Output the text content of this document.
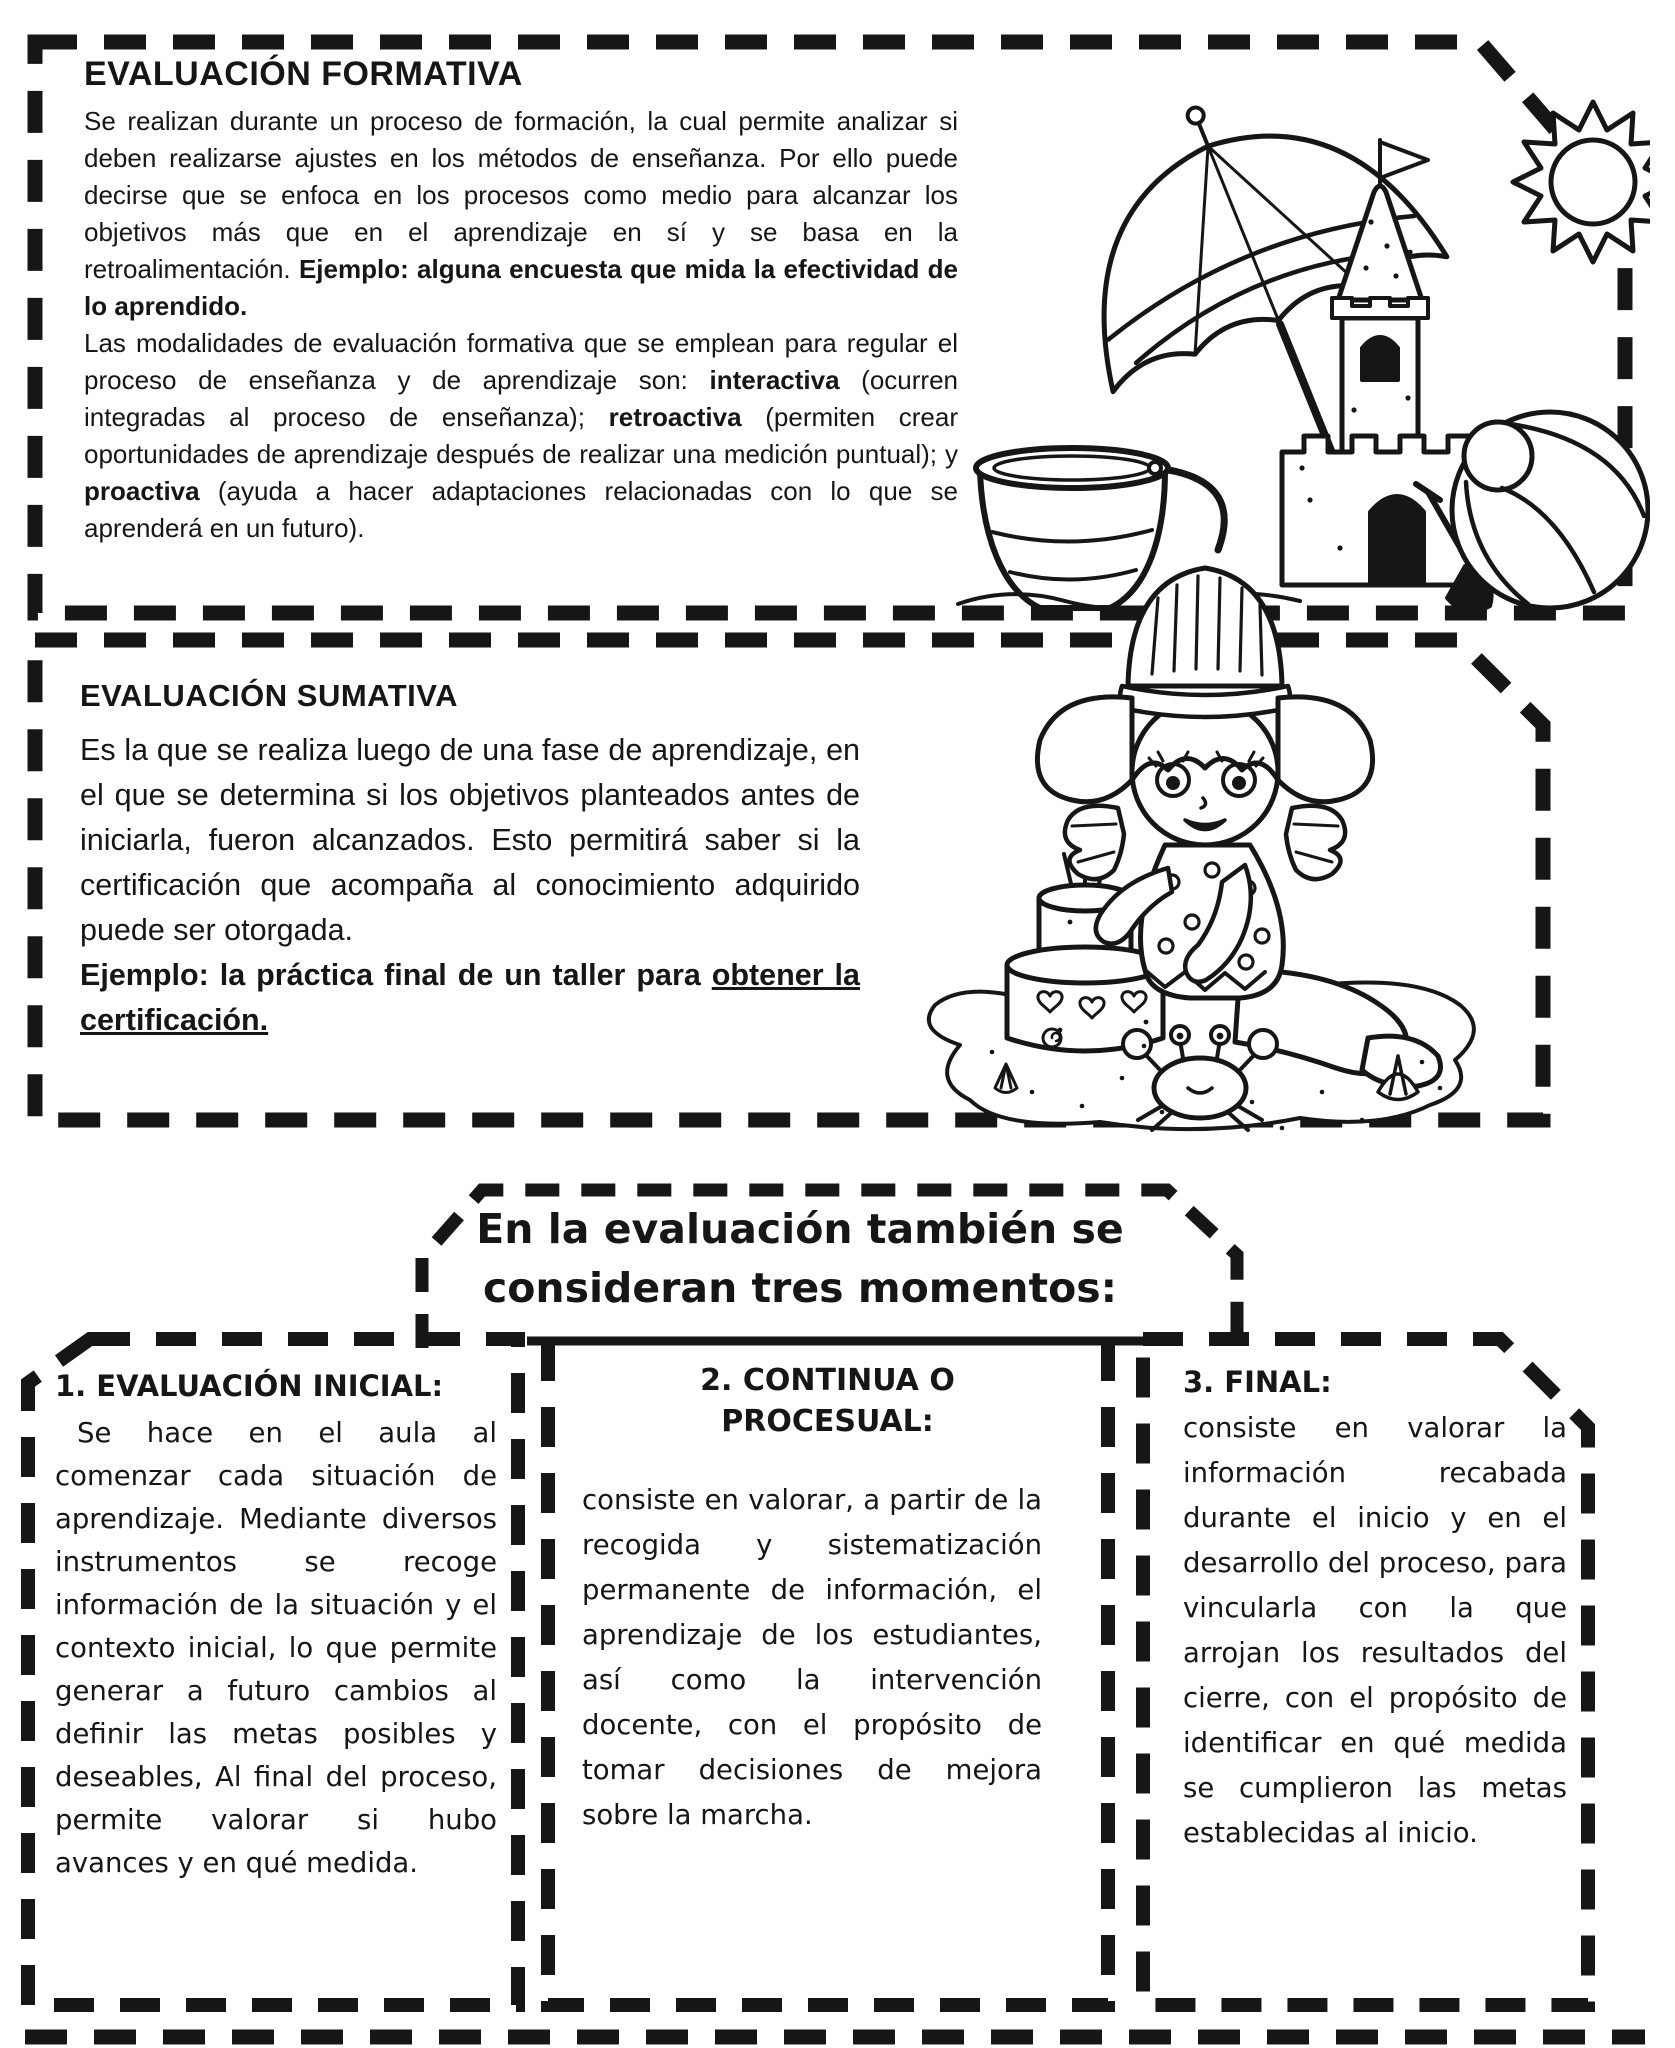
EVALUACIÓN FORMATIVA

Se realizan durante un proceso de formación, la cual permite analizar si deben realizarse ajustes en los métodos de enseñanza. Por ello puede decirse que se enfoca en los procesos como medio para alcanzar los objetivos más que en el aprendizaje en sí y se basa en la retroalimentación. Ejemplo: alguna encuesta que mida la efectividad de lo aprendido.

Las modalidades de evaluación formativa que se emplean para regular el proceso de enseñanza y de aprendizaje son: interactiva (ocurren integradas al proceso de enseñanza); retroactiva (permiten crear oportunidades de aprendizaje después de realizar una medición puntual); y proactiva (ayuda a hacer adaptaciones relacionadas con lo que se aprenderá en un futuro).

EVALUACIÓN SUMATIVA

Es la que se realiza luego de una fase de aprendizaje, en el que se determina si los objetivos planteados antes de iniciarla, fueron alcanzados. Esto permitirá saber si la certificación que acompaña al conocimiento adquirido puede ser otorgada.

Ejemplo: la práctica final de un taller para obtener la certificación.

En la evaluación también se consideran tres momentos:
1. EVALUACIÓN INICIAL:

Se hace en el aula al comenzar cada situación de aprendizaje. Mediante diversos instrumentos se recoge información de la situación y el contexto inicial, lo que permite generar a futuro cambios al definir las metas posibles y deseables, Al final del proceso, permite valorar si hubo avances y en qué medida.

2. CONTINUA O
PROCESUAL:

consiste en valorar, a partir de la recogida y sistematización permanente de información, el aprendizaje de los estudiantes, así como la intervención docente, con el propósito de tomar decisiones de mejora sobre la marcha.

3. FINAL:

consiste en valorar la información recabada durante el inicio y en el desarrollo del proceso, para vincularla con la que arrojan los resultados del cierre, con el propósito de identificar en qué medida se cumplieron las metas establecidas al inicio.
